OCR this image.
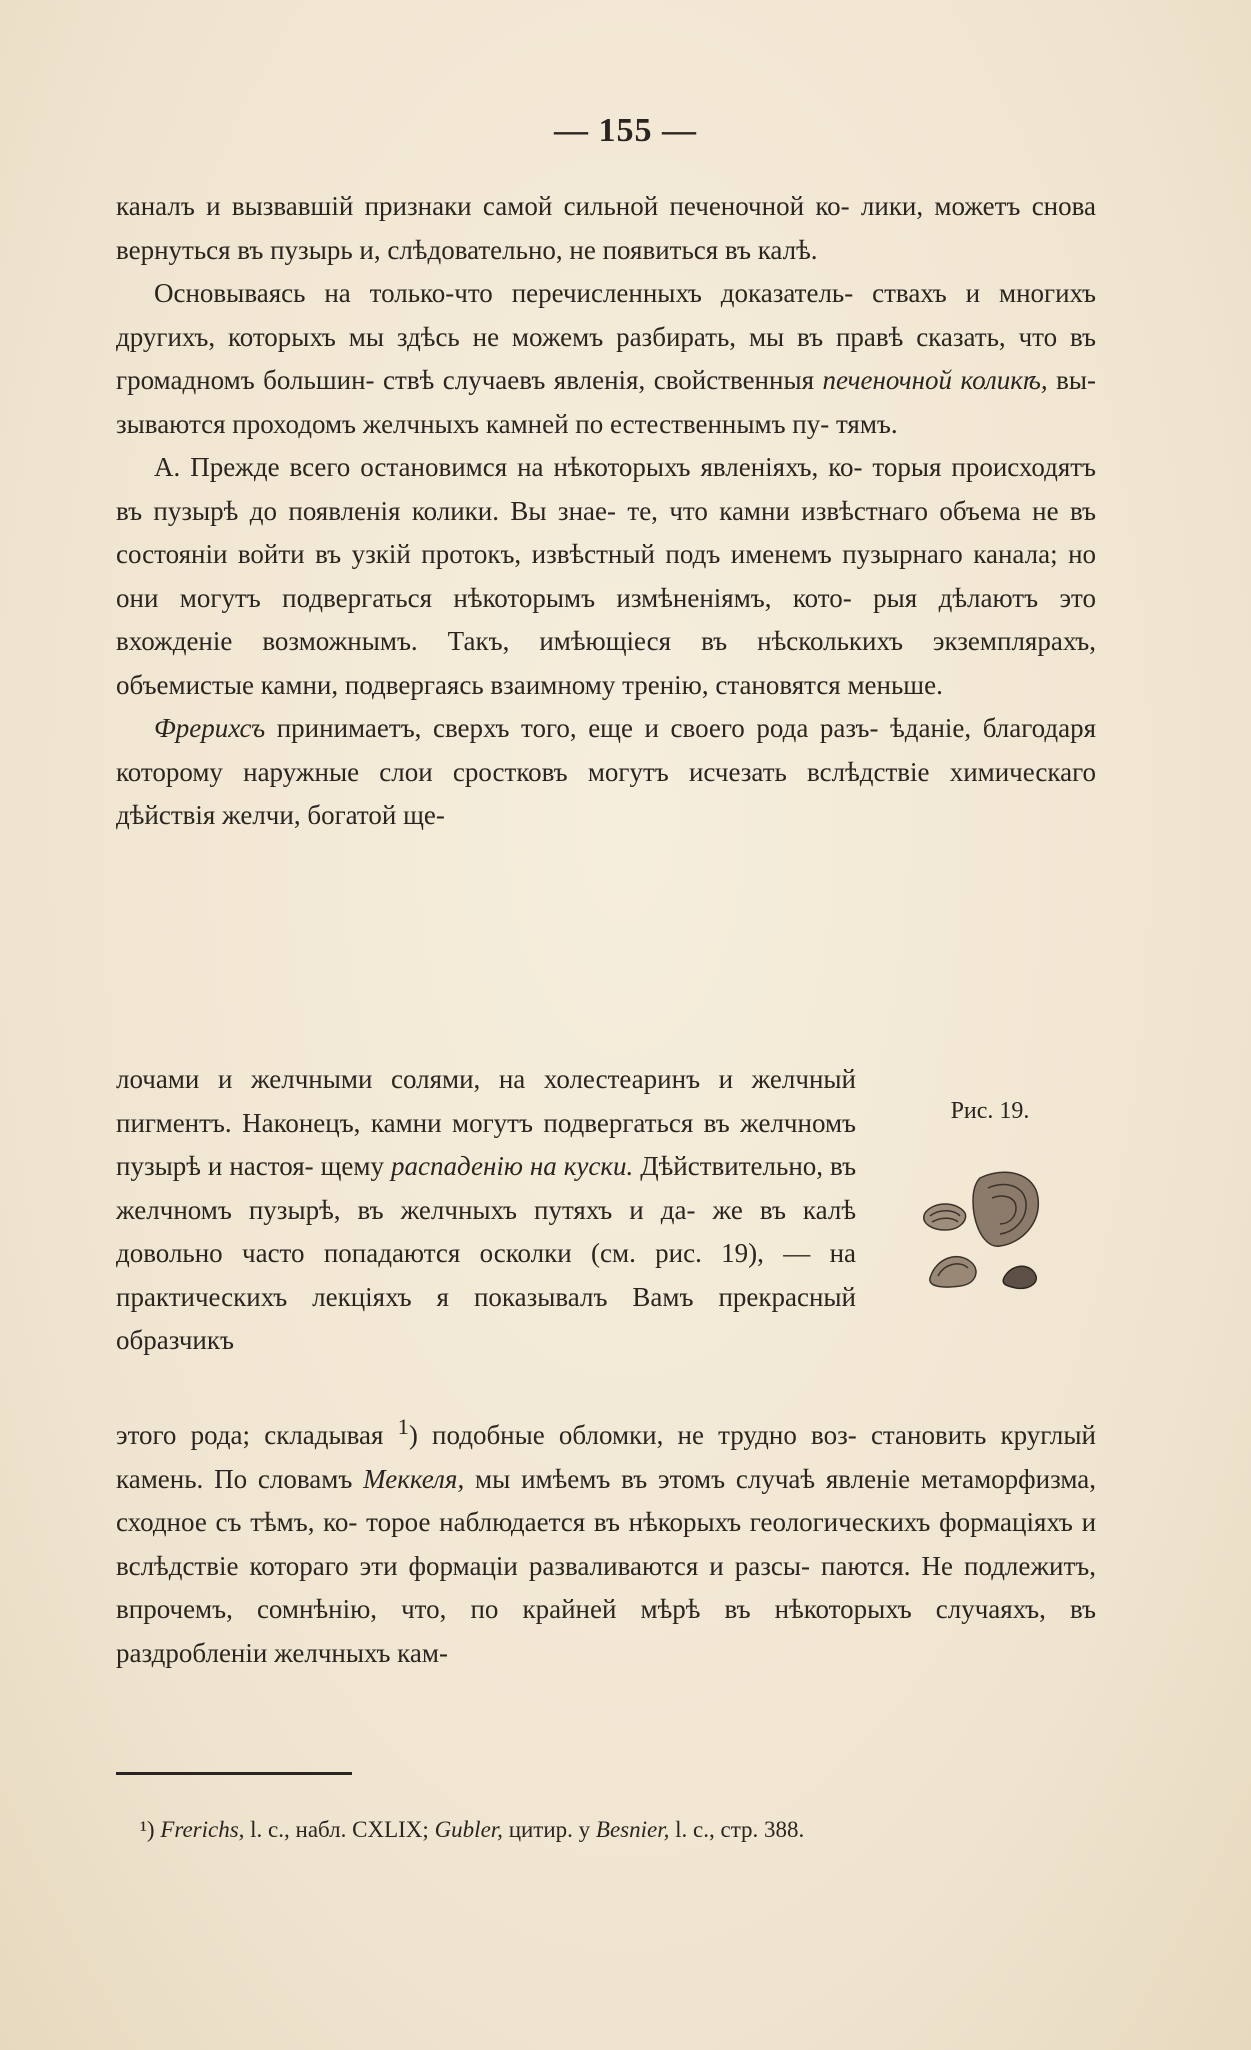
— 155 —

каналъ и вызвавшій признаки самой сильной печеночной ко- лики, можетъ снова вернуться въ пузырь и, слѣдовательно, не появиться въ калѣ.

Основываясь на только-что перечисленныхъ доказатель- ствахъ и многихъ другихъ, которыхъ мы здѣсь не можемъ разбирать, мы въ правѣ сказать, что въ громадномъ большин- ствѣ случаевъ явленія, свойственныя печеночной коликѣ, вы- зываются проходомъ желчныхъ камней по естественнымъ пу- тямъ.

А. Прежде всего остановимся на нѣкоторыхъ явленіяхъ, ко- торыя происходятъ въ пузырѣ до появленія колики. Вы знае- те, что камни извѣстнаго объема не въ состояніи войти въ узкій протокъ, извѣстный подъ именемъ пузырнаго канала; но они могутъ подвергаться нѣкоторымъ измѣненіямъ, кото- рыя дѣлаютъ это вхожденіе возможнымъ. Такъ, имѣющіеся въ нѣсколькихъ экземплярахъ, объемистые камни, подвергаясь взаимному тренію, становятся меньше.

Фрерихсъ принимаетъ, сверхъ того, еще и своего рода разъ- ѣданіе, благодаря которому наружные слои сростковъ могутъ исчезать вслѣдствіе химическаго дѣйствія желчи, богатой ще-

лочами и желчными солями, на холестеаринъ и желчный пигментъ. Наконецъ, камни могутъ подвергаться въ желчномъ пузырѣ и настоя- щему распаденію на куски. Дѣйствительно, въ желчномъ пузырѣ, въ желчныхъ путяхъ и да- же въ калѣ довольно часто попадаются осколки (см. рис. 19), — на практическихъ лекціяхъ я показывалъ Вамъ прекрасный образчикъ

Рис. 19.

этого рода; складывая $^1$) подобные обломки, не трудно воз- становить круглый камень. По словамъ Меккеля, мы имѣемъ въ этомъ случаѣ явленіе метаморфизма, сходное съ тѣмъ, ко- торое наблюдается въ нѣкорыхъ геологическихъ формаціяхъ и вслѣдствіе котораго эти формаціи разваливаются и разсы- паются. Не подлежитъ, впрочемъ, сомнѣнію, что, по крайней мѣрѣ въ нѣкоторыхъ случаяхъ, въ раздробленіи желчныхъ кам-

¹) Frerichs, l. c., набл. CXLIX; Gubler, цитир. у Besnier, l. c., стр. 388.
